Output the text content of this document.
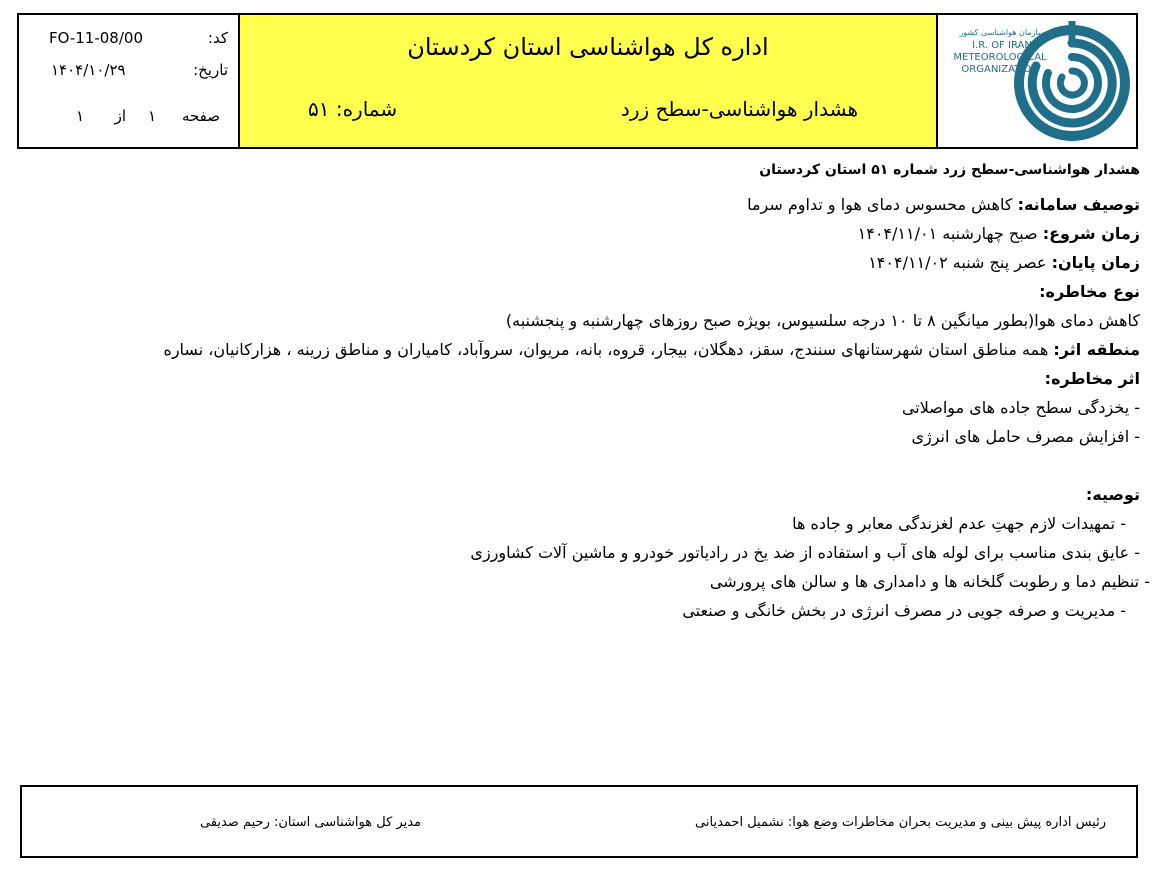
کد:
FO-11-08/00
تاریخ:
۱۴۰۴/۱۰/۲۹
صفحه
۱
از
۱
اداره کل هواشناسی استان کردستان
هشدار هواشناسی-سطح زرد
شماره: ۵۱
سازمان هواشناسی کشور
I.R. OF IRAN
METEOROLOGICAL
ORGANIZATION
هشدار هواشناسی-سطح زرد شماره ۵۱ استان کردستان
توصیف سامانه: کاهش محسوس دمای هوا و تداوم سرما
زمان شروع: صبح چهارشنبه ۱۴۰۴/۱۱/۰۱
زمان پایان: عصر پنج شنبه ۱۴۰۴/۱۱/۰۲
نوع مخاطره:
کاهش دمای هوا(بطور میانگین ۸ تا ۱۰ درجه سلسیوس، بویژه صبح روزهای چهارشنبه و پنجشنبه)
منطقه اثر: همه مناطق استان شهرستانهای سنندج، سقز، دهگلان، بیجار، قروه، بانه، مریوان، سروآباد، کامیاران و مناطق زرینه ، هزارکانیان، نساره
اثر مخاطره:
- یخزدگی سطح جاده های مواصلاتی
- افزایش مصرف حامل های انرژی
توصیه:
- تمهیدات لازم جهتِ عدم لغزندگی معابر و جاده ها
- عایق بندی مناسب برای لوله های آب و استفاده از ضد یخ در رادیاتور خودرو و ماشین آلات کشاورزی
- تنظیم دما و رطوبت گلخانه ها و دامداری ها و سالن های پرورشی
- مدیریت و صرفه جویی در مصرف انرژی در بخش خانگی و صنعتی
رئیس اداره پیش بینی و مدیریت بحران مخاطرات وضع هوا: نشمیل احمدیانی
مدیر کل هواشناسی استان: رحیم صدیقی
